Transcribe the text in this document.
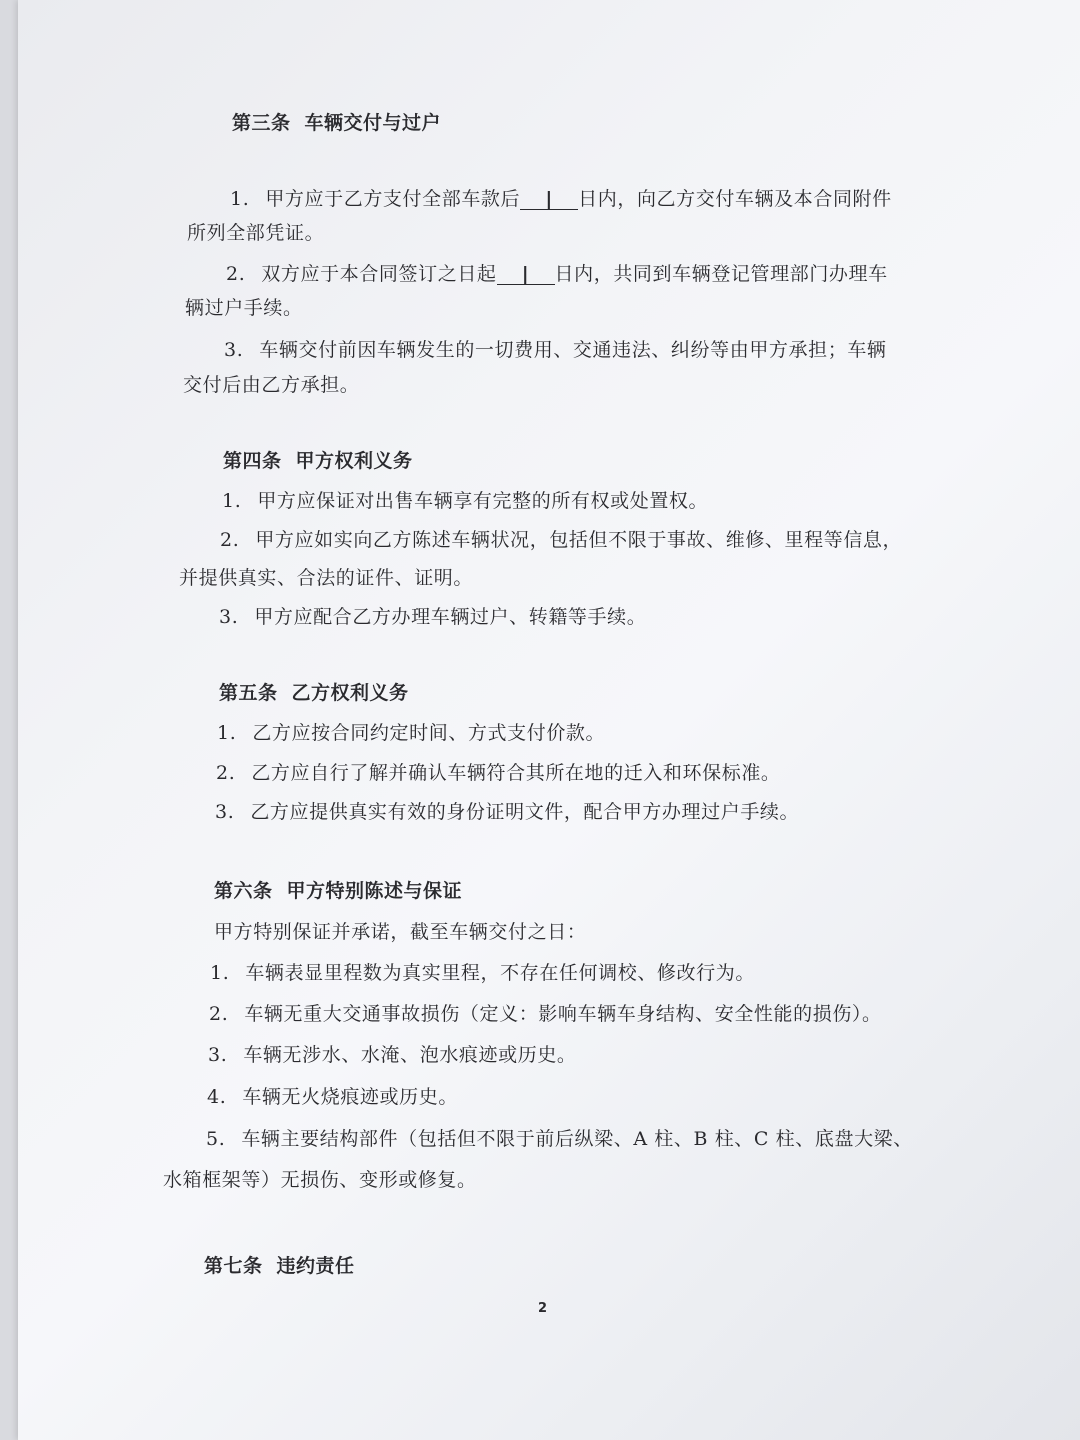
第三条 车辆交付与过户
1. 甲方应于乙方支付全部车款后 | 日内，向乙方交付车辆及本合同附件
所列全部凭证。
2. 双方应于本合同签订之日起 | 日内，共同到车辆登记管理部门办理车
辆过户手续。
3. 车辆交付前因车辆发生的一切费用、交通违法、纠纷等由甲方承担；车辆
交付后由乙方承担。
第四条 甲方权利义务
1. 甲方应保证对出售车辆享有完整的所有权或处置权。
2. 甲方应如实向乙方陈述车辆状况，包括但不限于事故、维修、里程等信息，
并提供真实、合法的证件、证明。
3. 甲方应配合乙方办理车辆过户、转籍等手续。
第五条 乙方权利义务
1. 乙方应按合同约定时间、方式支付价款。
2. 乙方应自行了解并确认车辆符合其所在地的迁入和环保标准。
3. 乙方应提供真实有效的身份证明文件，配合甲方办理过户手续。
第六条 甲方特别陈述与保证
甲方特别保证并承诺，截至车辆交付之日：
1. 车辆表显里程数为真实里程，不存在任何调校、修改行为。
2. 车辆无重大交通事故损伤（定义：影响车辆车身结构、安全性能的损伤）。
3. 车辆无涉水、水淹、泡水痕迹或历史。
4. 车辆无火烧痕迹或历史。
5. 车辆主要结构部件（包括但不限于前后纵梁、A 柱、B 柱、C 柱、底盘大梁、
水箱框架等）无损伤、变形或修复。
第七条 违约责任
2
